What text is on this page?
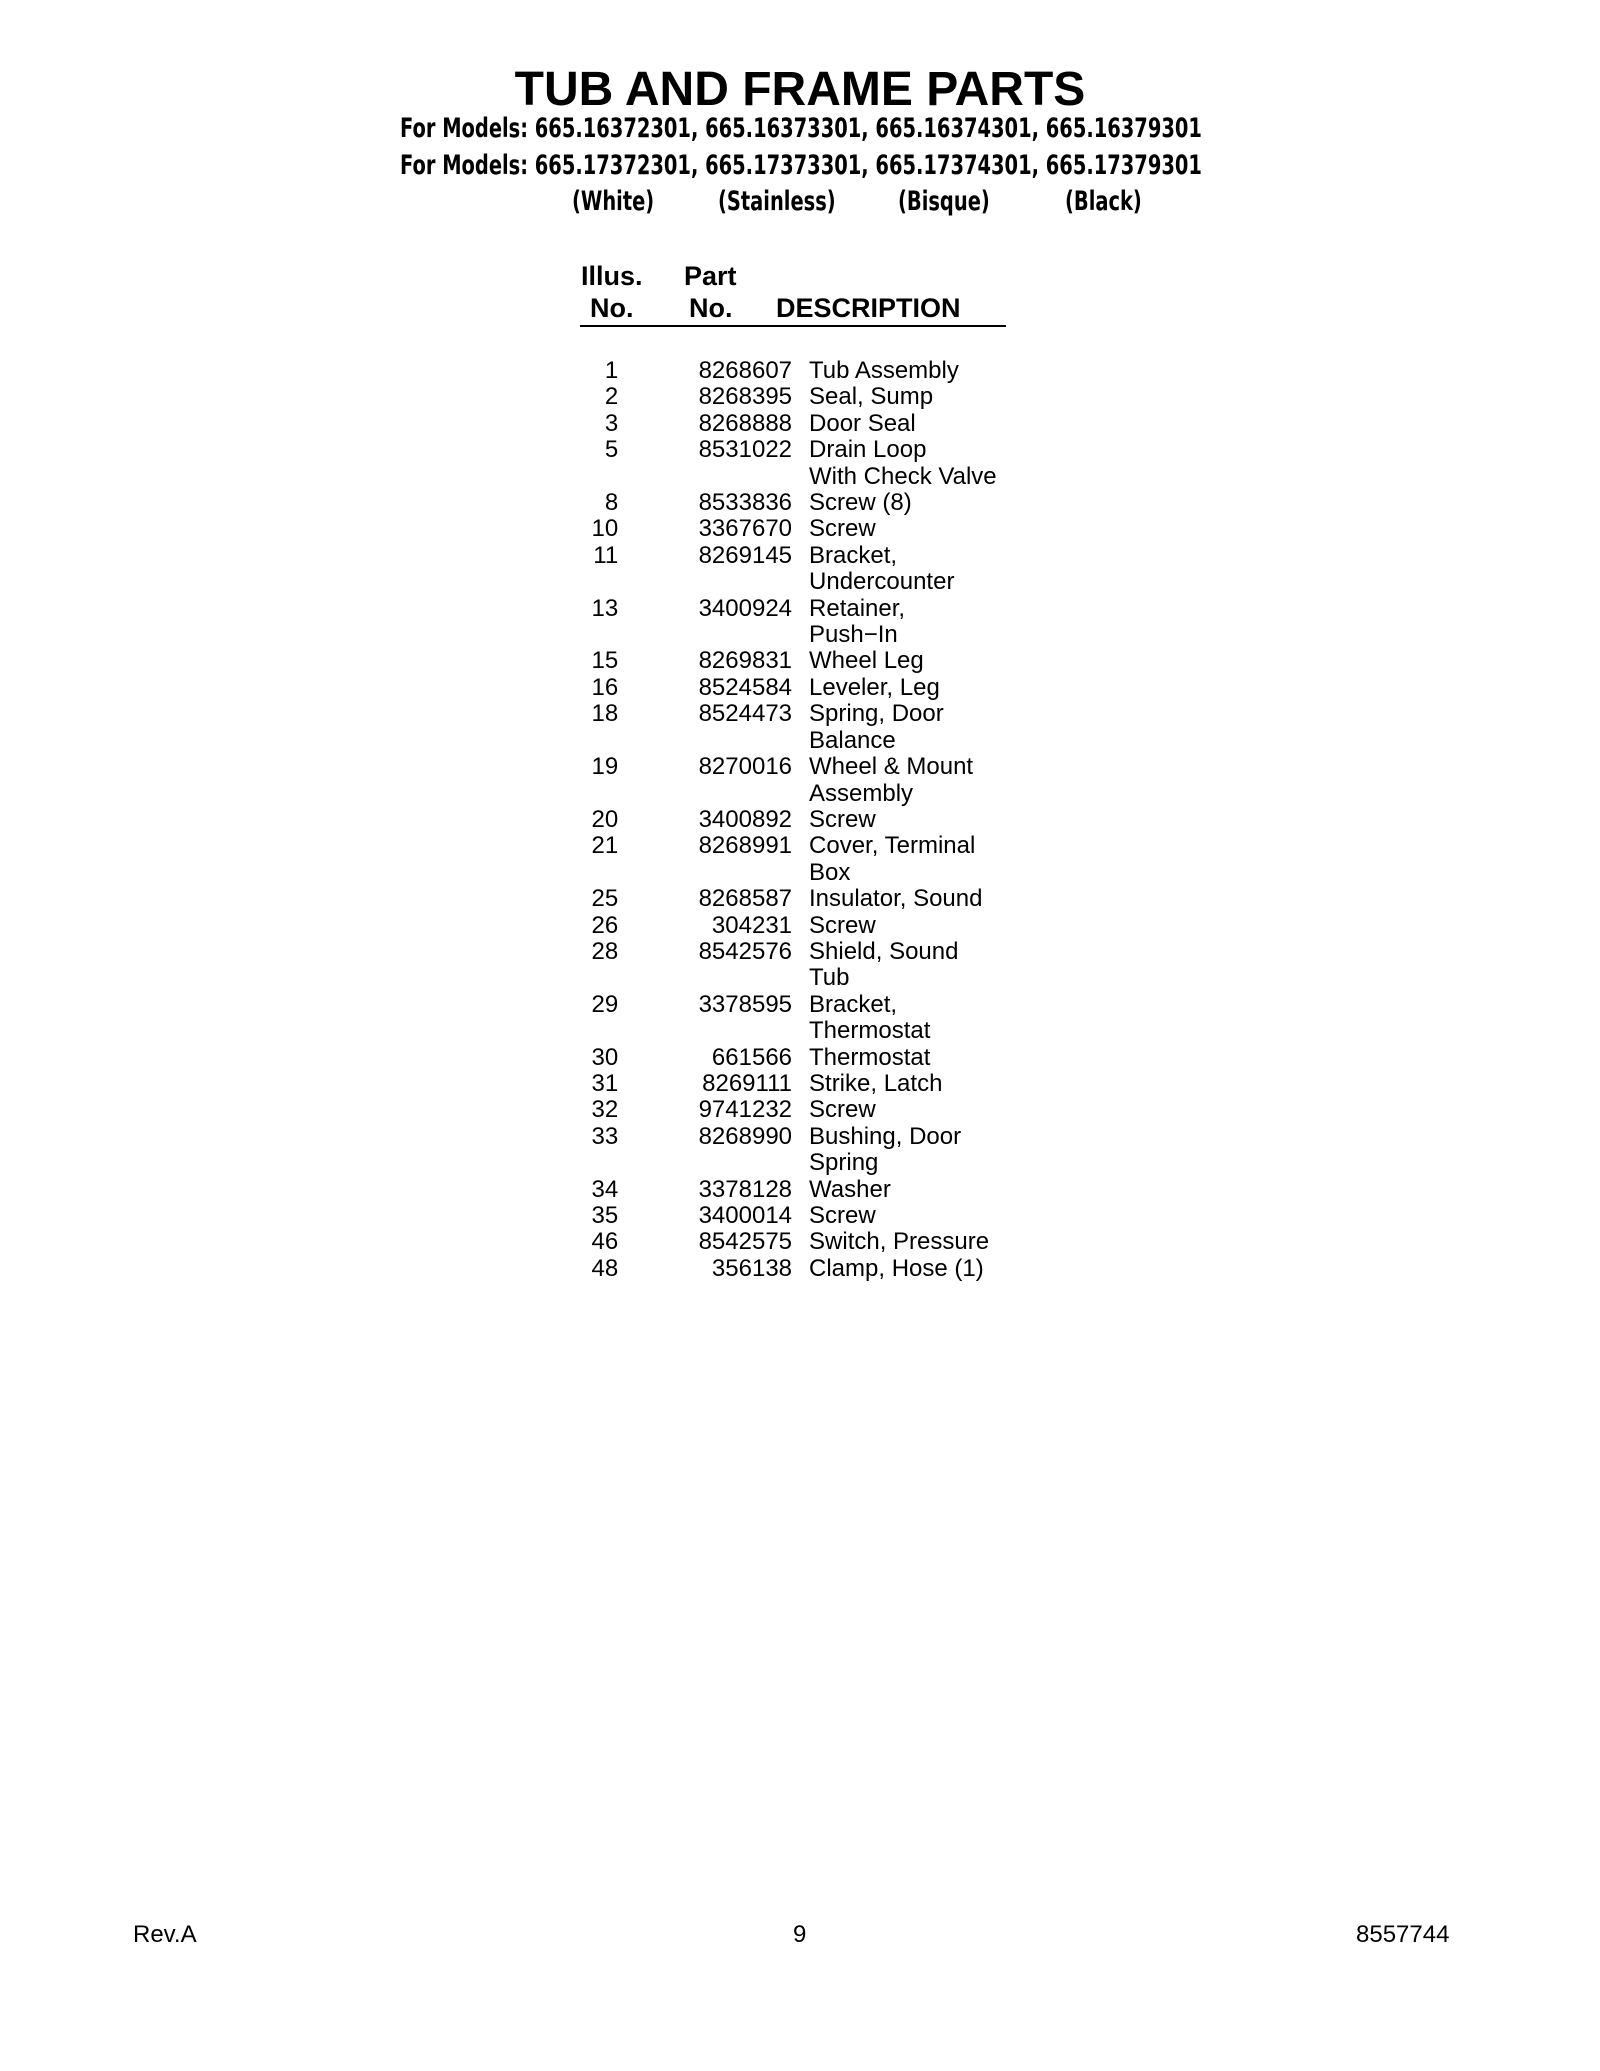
TUB AND FRAME PARTS
For Models: 665.16372301, 665.16373301, 665.16374301, 665.16379301
For Models: 665.17372301, 665.17373301, 665.17374301, 665.17379301
(White) (Stainless) (Bisque)	(Black)
Illus.
No.
Part
No. DESCRIPTION
1	8268607 Tub Assembly
2	8268395 Seal, Sump
3	8268888 Door Seal
5	8531022 Drain Loop
With Check Valve
8	8533836 Screw (8)
10	3367670 Screw
11	8269145 Bracket,
Undercounter
13	3400924 Retainer, Push−In
15	8269831 Wheel Leg
16	8524584 Leveler, Leg
18	8524473 Spring, Door
Balance
19	8270016 Wheel & Mount
Assembly
20	3400892 Screw
21	8268991 Cover, Terminal
Box
25	8268587 Insulator, Sound
26	304231 Screw
28	8542576 Shield, Sound
Tub
29	3378595 Bracket,
Thermostat
30	661566 Thermostat
31	8269111 Strike, Latch
32	9741232 Screw
33	8268990 Bushing, Door
Spring
34	3378128 Washer
35	3400014 Screw
46	8542575 Switch, Pressure
48	356138 Clamp, Hose (1)
Rev.A	9	8557744
